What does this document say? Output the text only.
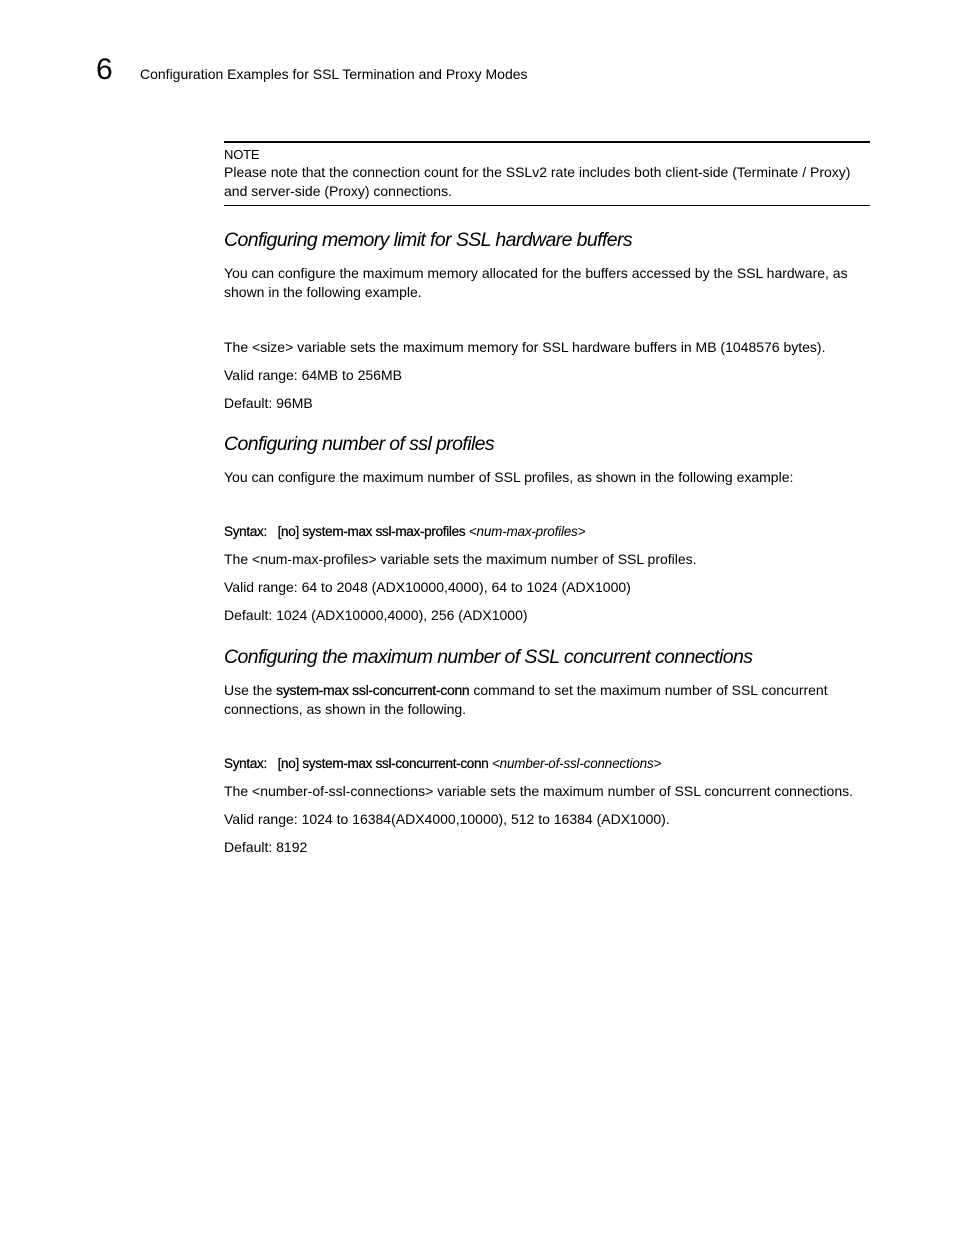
6 Configuration Examples for SSL Termination and Proxy Modes
NOTE
Please note that the connection count for the SSLv2 rate includes both client-side (Terminate / Proxy) and server-side (Proxy) connections.
Configuring memory limit for SSL hardware buffers

You can configure the maximum memory allocated for the buffers accessed by the SSL hardware, as shown in the following example.

The <size> variable sets the maximum memory for SSL hardware buffers in MB (1048576 bytes).

Valid range: 64MB to 256MB

Default: 96MB

Configuring number of ssl profiles

You can configure the maximum number of SSL profiles, as shown in the following example:

Syntax: [no] system-max ssl-max-profiles <num-max-profiles>

The <num-max-profiles> variable sets the maximum number of SSL profiles.

Valid range: 64 to 2048 (ADX10000,4000), 64 to 1024 (ADX1000)

Default: 1024 (ADX10000,4000), 256 (ADX1000)

Configuring the maximum number of SSL concurrent connections

Use the system-max ssl-concurrent-conn command to set the maximum number of SSL concurrent connections, as shown in the following.

Syntax: [no] system-max ssl-concurrent-conn <number-of-ssl-connections>

The <number-of-ssl-connections> variable sets the maximum number of SSL concurrent connections.

Valid range: 1024 to 16384(ADX4000,10000), 512 to 16384 (ADX1000).

Default: 8192
